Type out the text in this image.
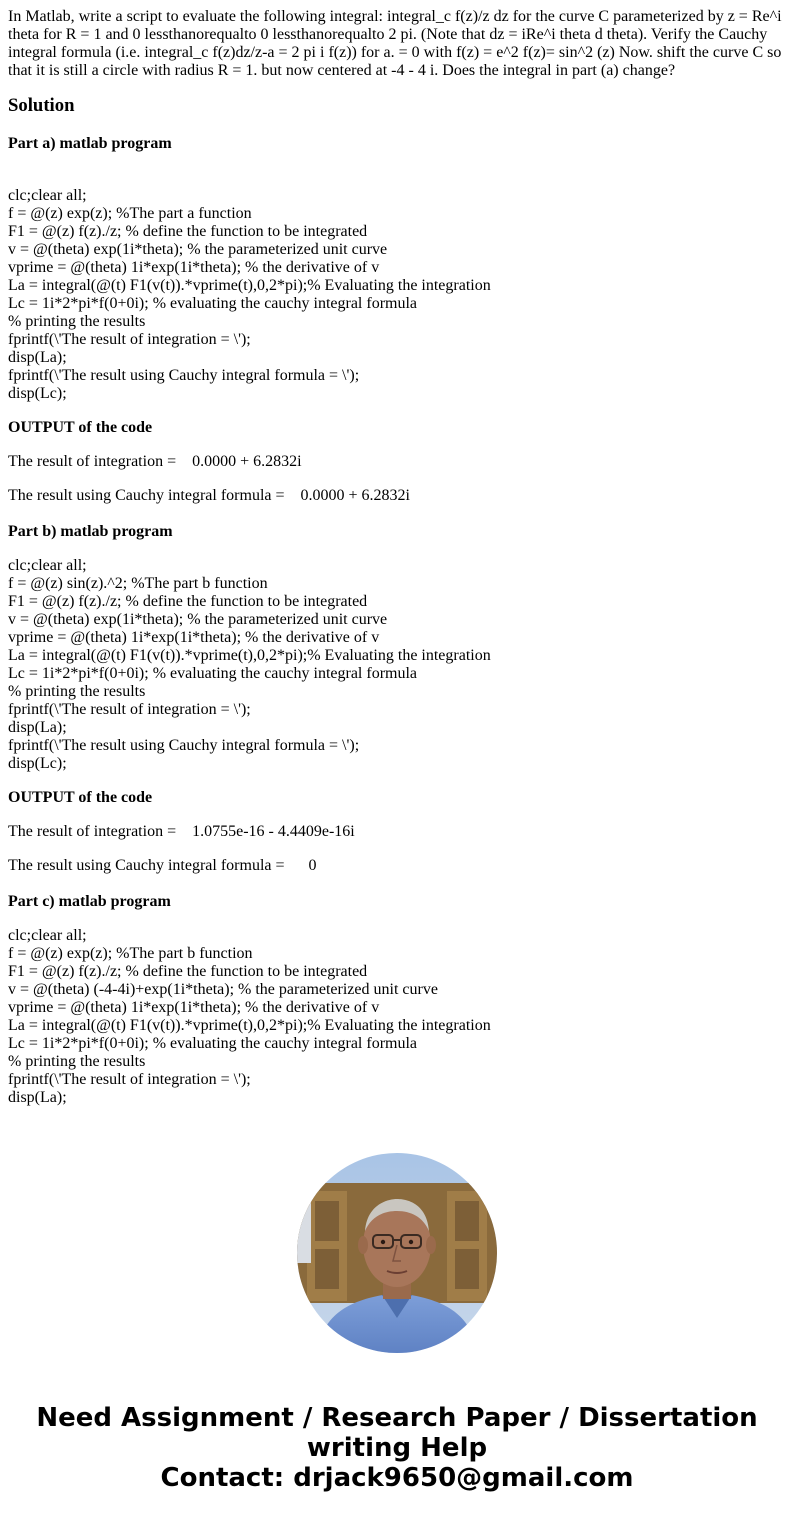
In Matlab, write a script to evaluate the following integral: integral_c f(z)/z dz for the curve C parameterized by z = Re^i theta for R = 1 and 0 lessthanorequalto 0 lessthanorequalto 2 pi. (Note that dz = iRe^i theta d theta). Verify the Cauchy integral formula (i.e. integral_c f(z)dz/z-a = 2 pi i f(z)) for a. = 0 with f(z) = e^2 f(z)= sin^2 (z) Now. shift the curve C so that it is still a circle with radius R = 1. but now centered at -4 - 4 i. Does the integral in part (a) change?

Solution
Part a) matlab program
clc;clear all;
f = @(z) exp(z); %The part a function
F1 = @(z) f(z)./z; % define the function to be integrated
v = @(theta) exp(1i*theta); % the parameterized unit curve
vprime = @(theta) 1i*exp(1i*theta); % the derivative of v
La = integral(@(t) F1(v(t)).*vprime(t),0,2*pi);% Evaluating the integration
Lc = 1i*2*pi*f(0+0i); % evaluating the cauchy integral formula
% printing the results
fprintf(\'The result of integration = \');
disp(La);
fprintf(\'The result using Cauchy integral formula = \');
disp(Lc);
OUTPUT of the code
The result of integration =    0.0000 + 6.2832i
The result using Cauchy integral formula =    0.0000 + 6.2832i
Part b) matlab program
clc;clear all;
f = @(z) sin(z).^2; %The part b function
F1 = @(z) f(z)./z; % define the function to be integrated
v = @(theta) exp(1i*theta); % the parameterized unit curve
vprime = @(theta) 1i*exp(1i*theta); % the derivative of v
La = integral(@(t) F1(v(t)).*vprime(t),0,2*pi);% Evaluating the integration
Lc = 1i*2*pi*f(0+0i); % evaluating the cauchy integral formula
% printing the results
fprintf(\'The result of integration = \');
disp(La);
fprintf(\'The result using Cauchy integral formula = \');
disp(Lc);
OUTPUT of the code
The result of integration =    1.0755e-16 - 4.4409e-16i
The result using Cauchy integral formula =      0
Part c) matlab program
clc;clear all;
f = @(z) exp(z); %The part b function
F1 = @(z) f(z)./z; % define the function to be integrated
v = @(theta) (-4-4i)+exp(1i*theta); % the parameterized unit curve
vprime = @(theta) 1i*exp(1i*theta); % the derivative of v
La = integral(@(t) F1(v(t)).*vprime(t),0,2*pi);% Evaluating the integration
Lc = 1i*2*pi*f(0+0i); % evaluating the cauchy integral formula
% printing the results
fprintf(\'The result of integration = \');
disp(La);
Need Assignment / Research Paper / Dissertation
writing Help
Contact: drjack9650@gmail.com
